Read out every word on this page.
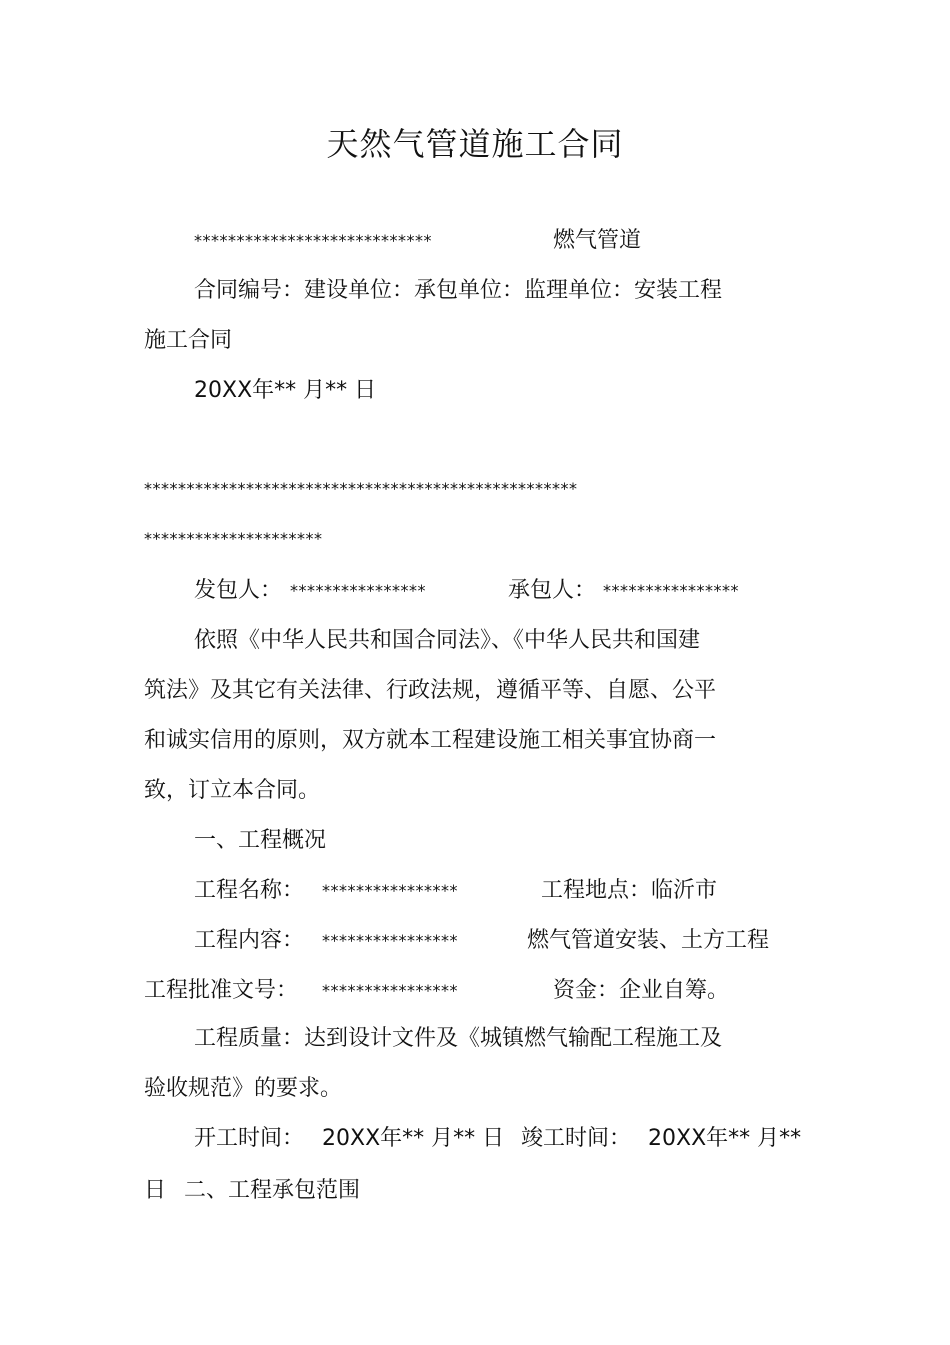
天然气管道施工合同
****************************	燃气管道
合同编号：建设单位：承包单位：监理单位：安装工程
施工合同
20XX年** 月** 日
***************************************************
*********************
发包人： ****************	承包人： ****************
依照《中华人民共和国合同法》、《中华人民共和国建
筑法》及其它有关法律、行政法规，遵循平等、自愿、公平
和诚实信用的原则，双方就本工程建设施工相关事宜协商一
致，订立本合同。
一、工程概况
工程名称： ****************	工程地点：临沂市
工程内容： ****************	燃气管道安装、土方工程
工程批准文号： ****************	资金：企业自筹。
工程质量：达到设计文件及《城镇燃气输配工程施工及
验收规范》的要求。
开工时间： 20XX年** 月** 日 竣工时间： 20XX年** 月**
日 二、工程承包范围
